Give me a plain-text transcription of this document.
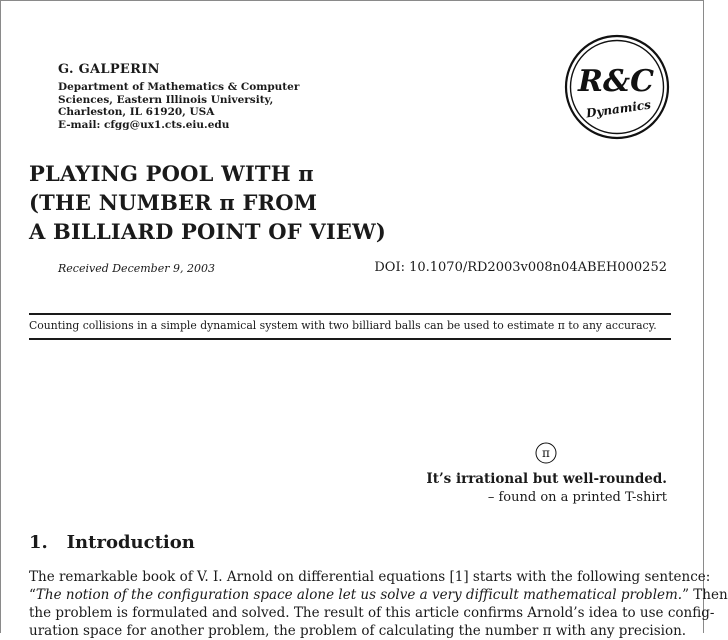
G. GALPERIN
Department of Mathematics & Computer
Sciences, Eastern Illinois University,
Charleston, IL 61920, USA
E-mail: cfgg@ux1.cts.eiu.edu
R&C
Dynamics
PLAYING POOL WITH π
(THE NUMBER π FROM
A BILLIARD POINT OF VIEW)
Received December 9, 2003	DOI: 10.1070/RD2003v008n04ABEH000252
Counting collisions in a simple dynamical system with two billiard balls can be used to estimate π to any accuracy.
π
It’s irrational but well-rounded.
– found on a printed T-shirt
1. Introduction
The remarkable book of V. I. Arnold on differential equations [1] starts with the following sentence:
“The notion of the configuration space alone let us solve a very difficult mathematical problem.” Then
the problem is formulated and solved. The result of this article confirms Arnold’s idea to use config-
uration space for another problem, the problem of calculating the number π with any precision.
